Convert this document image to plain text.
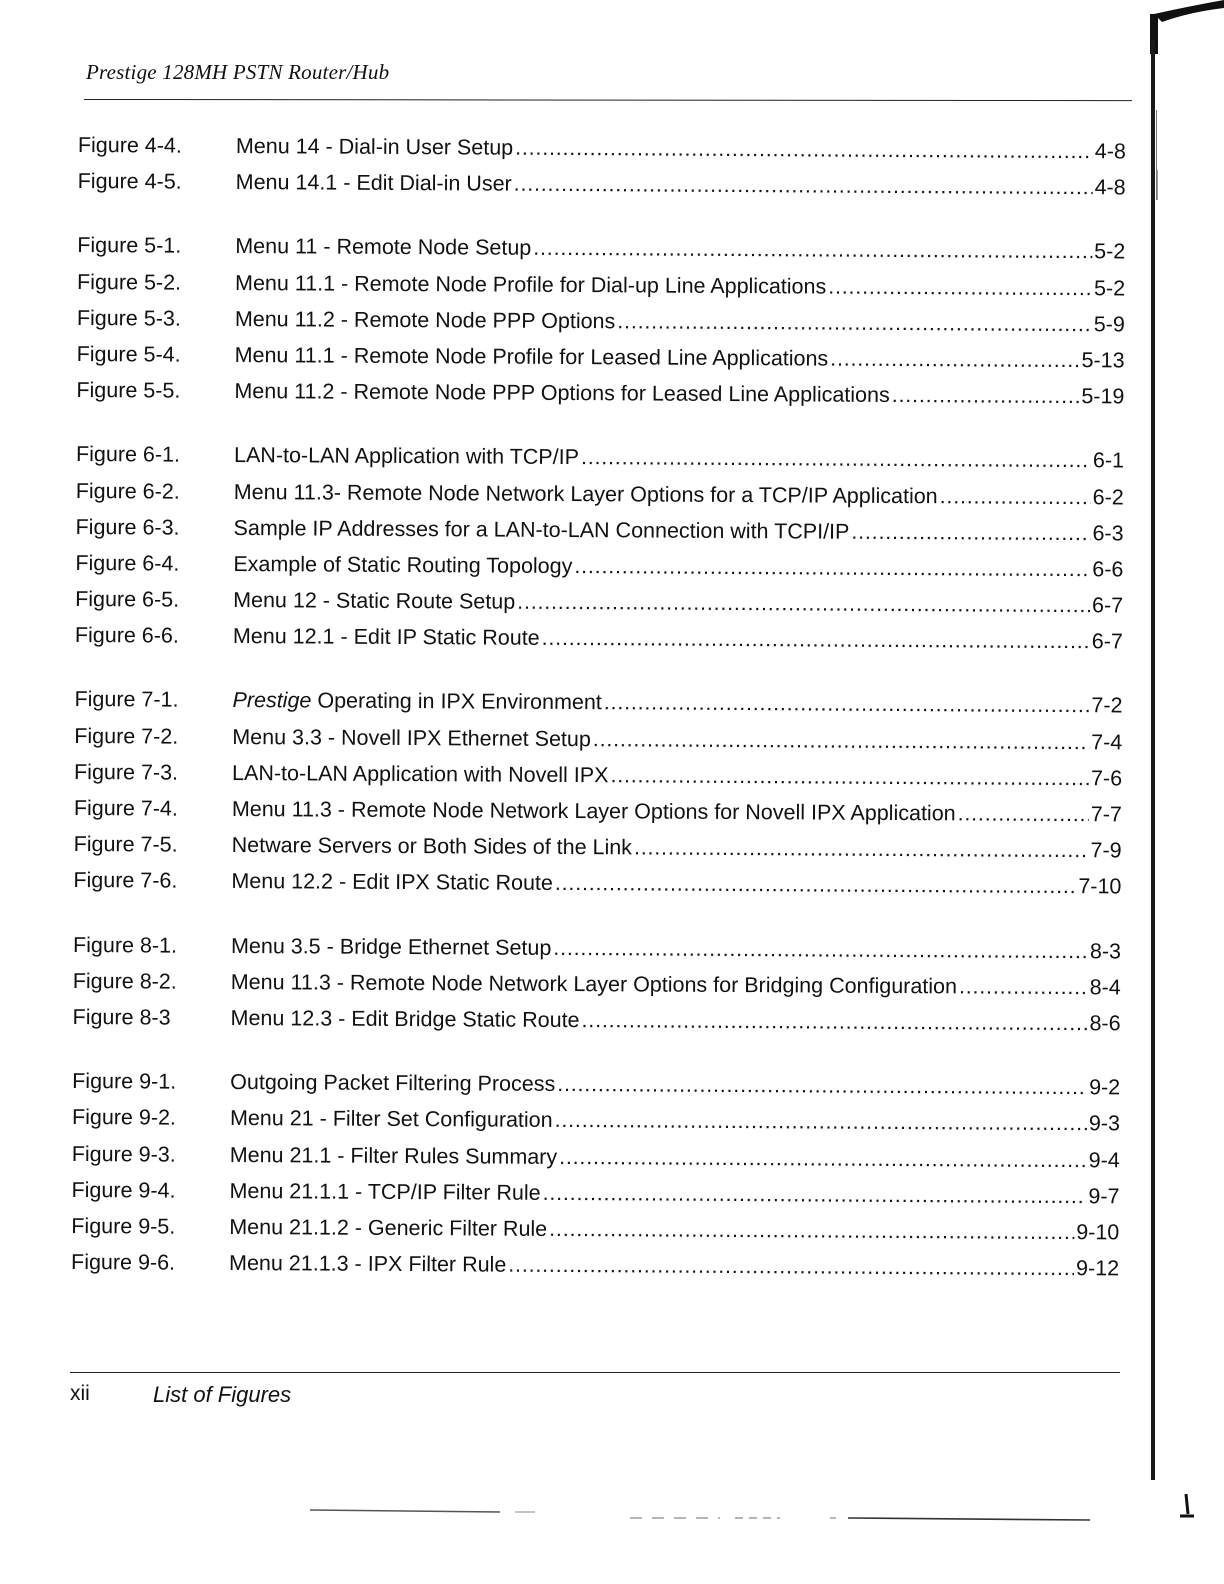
Prestige 128MH PSTN Router/Hub
Figure 4-4.	Menu 14 - Dial-in User Setup .....	4-8
Figure 4-5.	Menu 14.1 - Edit Dial-in User .....	4-8
Figure 5-1.	Menu 11 - Remote Node Setup .....	5-2
Figure 5-2.	Menu 11.1 - Remote Node Profile for Dial-up Line Applications .....	5-2
Figure 5-3.	Menu 11.2 - Remote Node PPP Options .....	5-9
Figure 5-4.	Menu 11.1 - Remote Node Profile for Leased Line Applications .....	5-13
Figure 5-5.	Menu 11.2 - Remote Node PPP Options for Leased Line Applications .....	5-19
Figure 6-1.	LAN-to-LAN Application with TCP/IP .....	6-1
Figure 6-2.	Menu 11.3- Remote Node Network Layer Options for a TCP/IP Application .....	6-2
Figure 6-3.	Sample IP Addresses for a LAN-to-LAN Connection with TCPI/IP .....	6-3
Figure 6-4.	Example of Static Routing Topology .....	6-6
Figure 6-5.	Menu 12 - Static Route Setup .....	6-7
Figure 6-6.	Menu 12.1 - Edit IP Static Route .....	6-7
Figure 7-1.	Prestige Operating in IPX Environment .....	7-2
Figure 7-2.	Menu 3.3 - Novell IPX Ethernet Setup .....	7-4
Figure 7-3.	LAN-to-LAN Application with Novell IPX .....	7-6
Figure 7-4.	Menu 11.3 - Remote Node Network Layer Options for Novell IPX Application .....	7-7
Figure 7-5.	Netware Servers or Both Sides of the Link .....	7-9
Figure 7-6.	Menu 12.2 - Edit IPX Static Route .....	7-10
Figure 8-1.	Menu 3.5 - Bridge Ethernet Setup .....	8-3
Figure 8-2.	Menu 11.3 - Remote Node Network Layer Options for Bridging Configuration .....	8-4
Figure 8-3	Menu 12.3 - Edit Bridge Static Route .....	8-6
Figure 9-1.	Outgoing Packet Filtering Process .....	9-2
Figure 9-2.	Menu 21 - Filter Set Configuration .....	9-3
Figure 9-3.	Menu 21.1 - Filter Rules Summary .....	9-4
Figure 9-4.	Menu 21.1.1 - TCP/IP Filter Rule .....	9-7
Figure 9-5.	Menu 21.1.2 - Generic Filter Rule .....	9-10
Figure 9-6.	Menu 21.1.3 - IPX Filter Rule .....	9-12
xii	List of Figures
